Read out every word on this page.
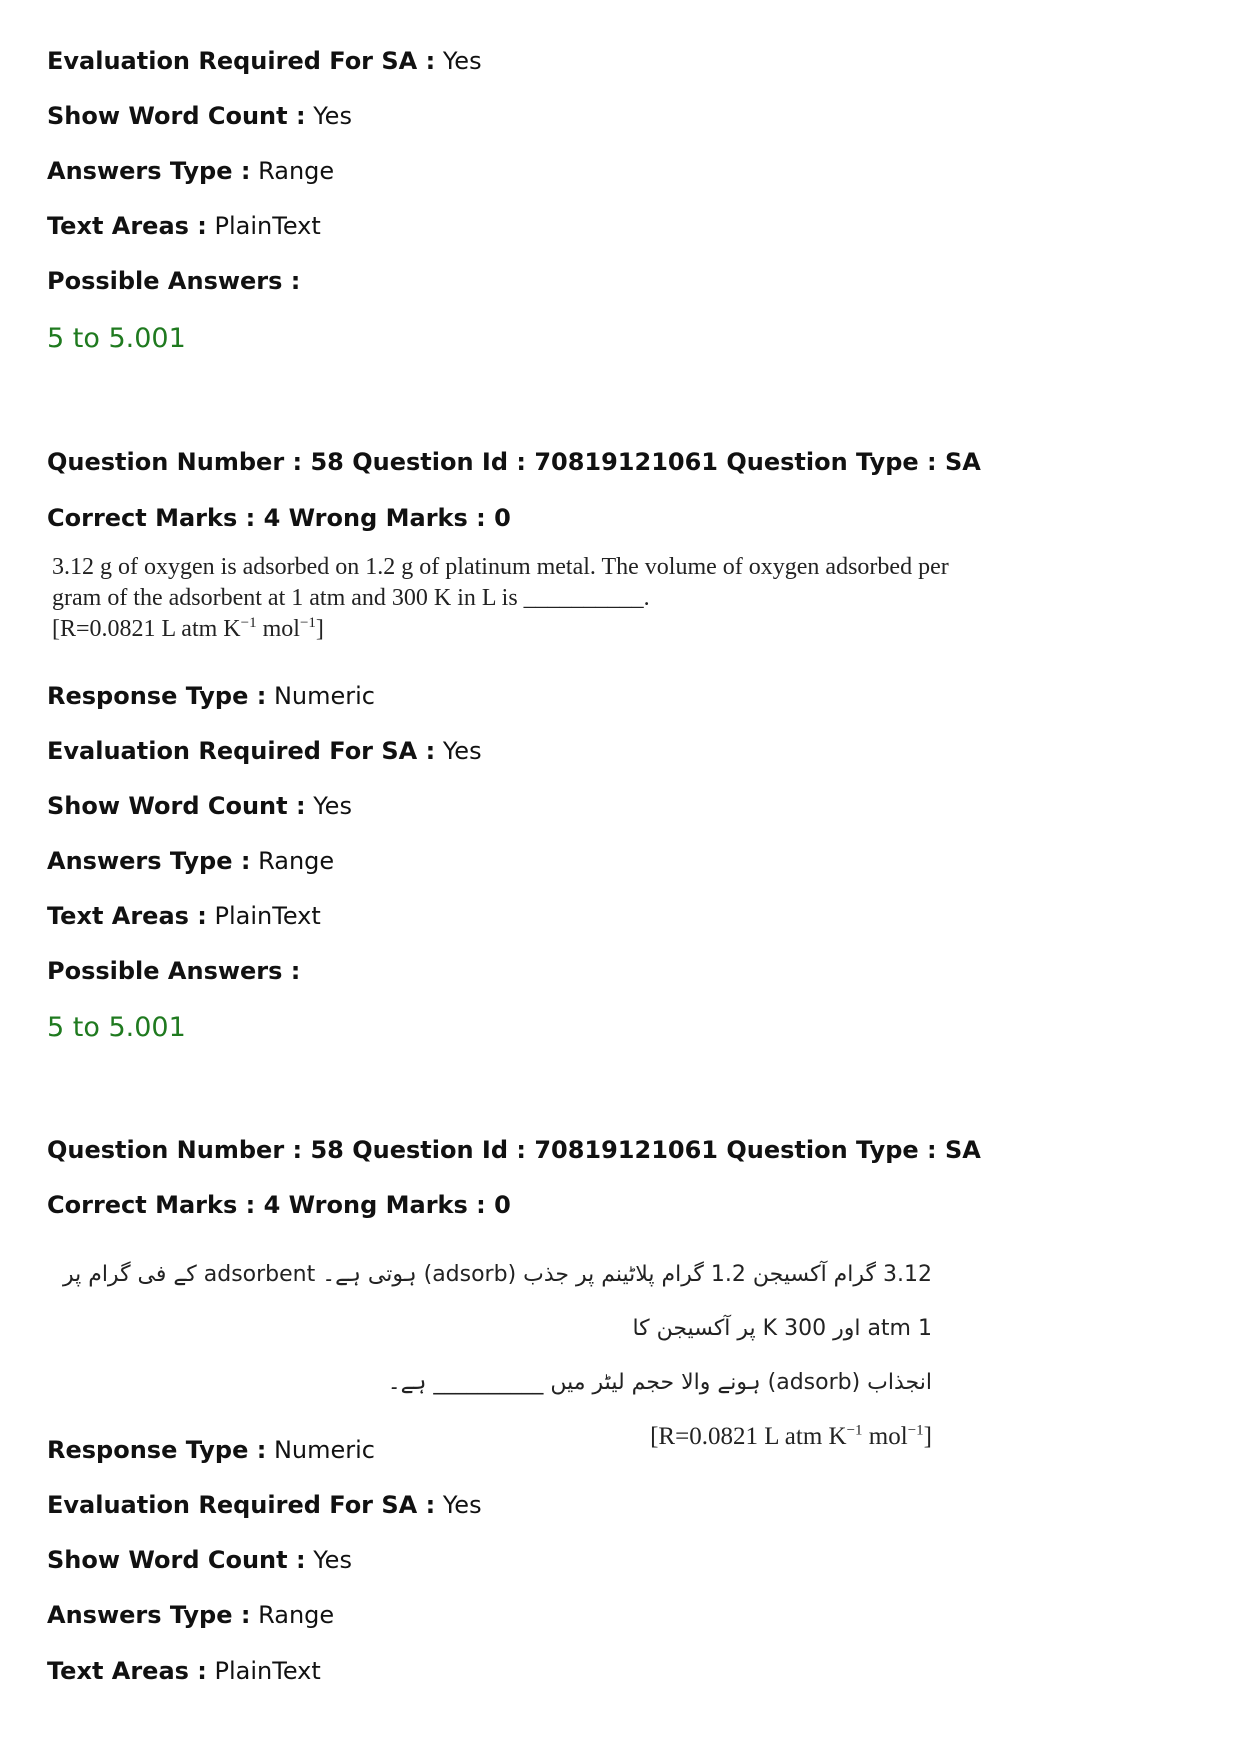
Evaluation Required For SA : Yes
Show Word Count : Yes
Answers Type : Range
Text Areas : PlainText
Possible Answers :
5 to 5.001
Question Number : 58 Question Id : 70819121061 Question Type : SA
Correct Marks : 4 Wrong Marks : 0
3.12 g of oxygen is adsorbed on 1.2 g of platinum metal. The volume of oxygen adsorbed per
gram of the adsorbent at 1 atm and 300 K in L is __________.
[R=0.0821 L atm $K^{-1}$ mol$^{-1}$]
Response Type : Numeric
Evaluation Required For SA : Yes
Show Word Count : Yes
Answers Type : Range
Text Areas : PlainText
Possible Answers :
5 to 5.001
Question Number : 58 Question Id : 70819121061 Question Type : SA
Correct Marks : 4 Wrong Marks : 0
3.12 گرام آکسیجن 1.2 گرام پلاٹینم پر جذب (adsorb) ہوتی ہے۔ adsorbent کے فی گرام پر 1 atm اور 300 K پر آکسیجن کا
انجذاب (adsorb) ہونے والا حجم لیٹر میں __________ ہے۔
[R=0.0821 L atm $K^{-1}$ mol$^{-1}$]
Response Type : Numeric
Evaluation Required For SA : Yes
Show Word Count : Yes
Answers Type : Range
Text Areas : PlainText
